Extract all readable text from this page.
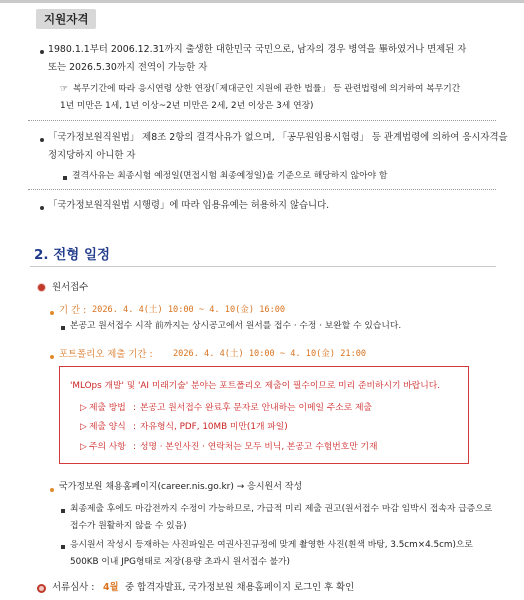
지원자격
1980.1.1부터 2006.12.31까지 출생한 대한민국 국민으로, 남자의 경우 병역을 畢하였거나 면제된 자
또는 2026.5.30까지 전역이 가능한 자
☞ 복무기간에 따라 응시연령 상한 연장(「제대군인 지원에 관한 법률」 등 관련법령에 의거하여 복무기간
1년 미만은 1세, 1년 이상~2년 미만은 2세, 2년 이상은 3세 연장)
「국가정보원직원법」 제8조 2항의 결격사유가 없으며, 「공무원임용시험령」 등 관계법령에 의하여 응시자격을
정지당하지 아니한 자
결격사유는 최종시험 예정일(면접시험 최종예정일)을 기준으로 해당하지 않아야 함
「국가정보원직원법 시행령」에 따라 임용유예는 허용하지 않습니다.
2. 전형 일정
원서접수
기 간 : 2026. 4. 4(土) 10:00 ~ 4. 10(金) 16:00
본공고 원서접수 시작 前까지는 상시공고에서 원서를 접수 · 수정 · 보완할 수 있습니다.
포트폴리오 제출 기간 : 2026. 4. 4(土) 10:00 ~ 4. 10(金) 21:00
'MLOps 개발' 및 'AI 미래기술' 분야는 포트폴리오 제출이 필수이므로 미리 준비하시기 바랍니다.
▷ 제출 방법 : 본공고 원서접수 완료후 문자로 안내하는 이메일 주소로 제출
▷ 제출 양식 : 자유형식, PDF, 10MB 미만(1개 파일)
▷ 주의 사항 : 성명 · 본인사진 · 연락처는 모두 비닉, 본공고 수험번호만 기재
국가정보원 채용홈페이지(career.nis.go.kr) → 응시원서 작성
최종제출 후에도 마감전까지 수정이 가능하므로, 가급적 미리 제출 권고(원서접수 마감 임박시 접속자 급증으로
접수가 원활하지 않을 수 있음)
응시원서 작성시 등재하는 사진파일은 여권사진규정에 맞게 촬영한 사진(흰색 바탕, 3.5cm×4.5cm)으로
500KB 이내 JPG형태로 저장(용량 초과시 원서접수 불가)
서류심사 : 4월 중 합격자발표, 국가정보원 채용홈페이지 로그인 후 확인
